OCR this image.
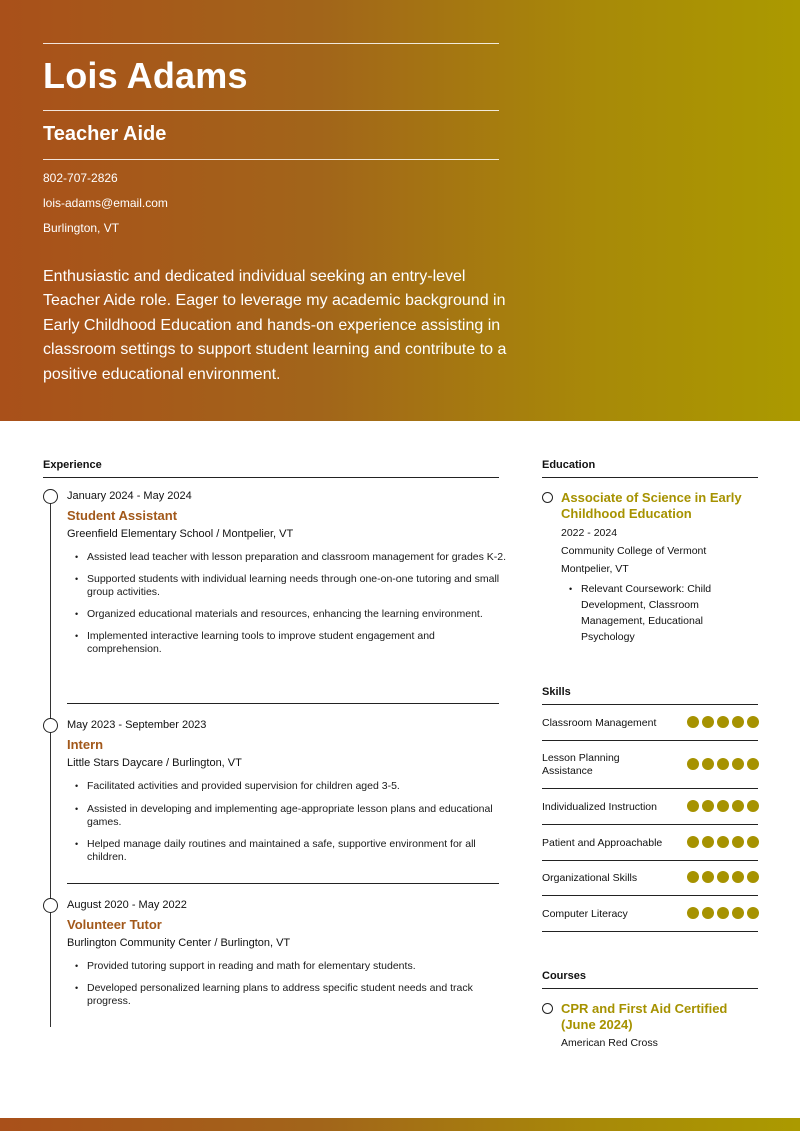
Lois Adams
Teacher Aide
802-707-2826
lois-adams@email.com
Burlington, VT
Enthusiastic and dedicated individual seeking an entry-level Teacher Aide role. Eager to leverage my academic background in Early Childhood Education and hands-on experience assisting in classroom settings to support student learning and contribute to a positive educational environment.
Experience
January 2024 - May 2024
Student Assistant
Greenfield Elementary School / Montpelier, VT
• Assisted lead teacher with lesson preparation and classroom management for grades K-2.
• Supported students with individual learning needs through one-on-one tutoring and small group activities.
• Organized educational materials and resources, enhancing the learning environment.
• Implemented interactive learning tools to improve student engagement and comprehension.
May 2023 - September 2023
Intern
Little Stars Daycare / Burlington, VT
• Facilitated activities and provided supervision for children aged 3-5.
• Assisted in developing and implementing age-appropriate lesson plans and educational games.
• Helped manage daily routines and maintained a safe, supportive environment for all children.
August 2020 - May 2022
Volunteer Tutor
Burlington Community Center / Burlington, VT
• Provided tutoring support in reading and math for elementary students.
• Developed personalized learning plans to address specific student needs and track progress.
Education
Associate of Science in Early Childhood Education
2022 - 2024
Community College of Vermont
Montpelier, VT
• Relevant Coursework: Child Development, Classroom Management, Educational Psychology
Skills
Classroom Management
Lesson Planning Assistance
Individualized Instruction
Patient and Approachable
Organizational Skills
Computer Literacy
Courses
CPR and First Aid Certified (June 2024)
American Red Cross
